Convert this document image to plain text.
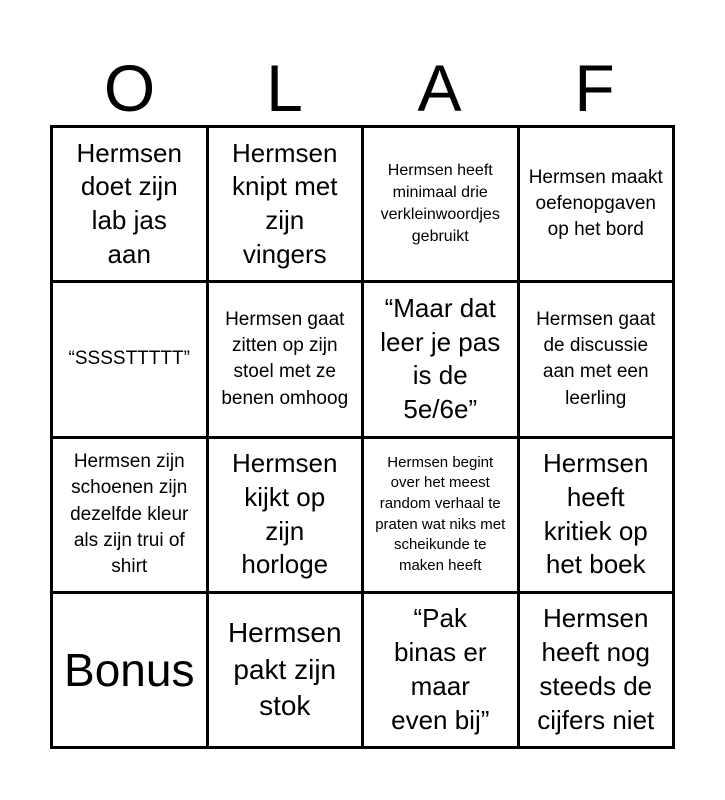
O	L	A	F
Hermsen doet zijn lab jas aan
Hermsen knipt met zijn vingers
Hermsen heeft minimaal drie verkleinwoordjes gebruikt
Hermsen maakt oefenopgaven op het bord
“SSSSTTTTT”
Hermsen gaat zitten op zijn stoel met ze benen omhoog
“Maar dat leer je pas is de 5e/6e”
Hermsen gaat de discussie aan met een leerling
Hermsen zijn schoenen zijn dezelfde kleur als zijn trui of shirt
Hermsen kijkt op zijn horloge
Hermsen begint over het meest random verhaal te praten wat niks met scheikunde te maken heeft
Hermsen heeft kritiek op het boek
Bonus
Hermsen pakt zijn stok
“Pak binas er maar even bij”
Hermsen heeft nog steeds de cijfers niet
